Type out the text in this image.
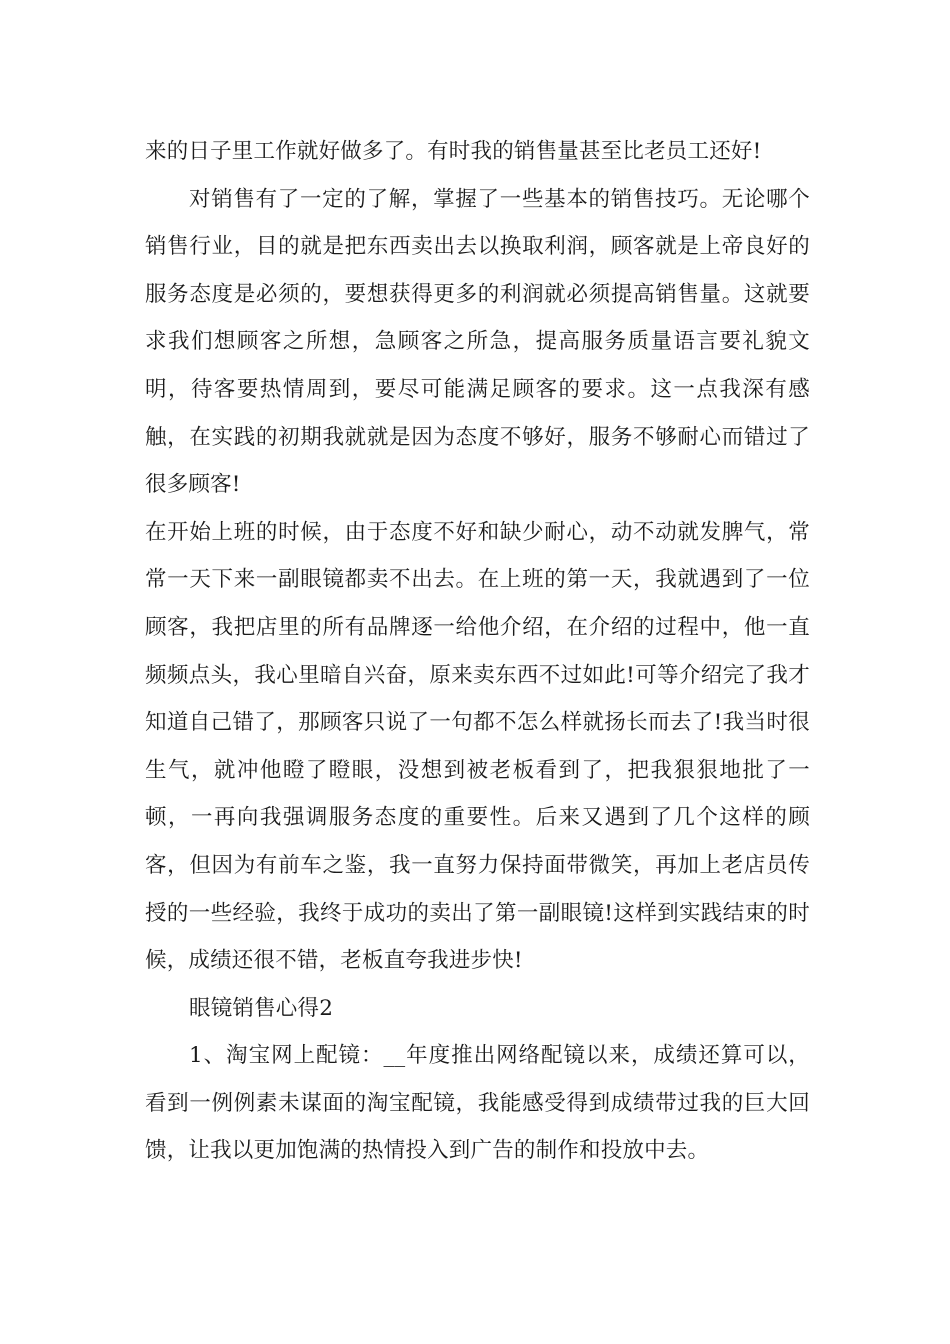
来的日子里工作就好做多了。有时我的销售量甚至比老员工还好!

对销售有了一定的了解，掌握了一些基本的销售技巧。无论哪个销售行业，目的就是把东西卖出去以换取利润，顾客就是上帝良好的服务态度是必须的，要想获得更多的利润就必须提高销售量。这就要求我们想顾客之所想，急顾客之所急，提高服务质量语言要礼貌文明，待客要热情周到，要尽可能满足顾客的要求。这一点我深有感触，在实践的初期我就就是因为态度不够好，服务不够耐心而错过了很多顾客!

在开始上班的时候，由于态度不好和缺少耐心，动不动就发脾气，常常一天下来一副眼镜都卖不出去。在上班的第一天，我就遇到了一位顾客，我把店里的所有品牌逐一给他介绍，在介绍的过程中，他一直频频点头，我心里暗自兴奋，原来卖东西不过如此!可等介绍完了我才知道自己错了，那顾客只说了一句都不怎么样就扬长而去了!我当时很生气，就冲他瞪了瞪眼，没想到被老板看到了，把我狠狠地批了一顿，一再向我强调服务态度的重要性。后来又遇到了几个这样的顾客，但因为有前车之鉴，我一直努力保持面带微笑，再加上老店员传授的一些经验，我终于成功的卖出了第一副眼镜!这样到实践结束的时候，成绩还很不错，老板直夸我进步快!

眼镜销售心得2

1、淘宝网上配镜：__年度推出网络配镜以来，成绩还算可以，看到一例例素未谋面的淘宝配镜，我能感受得到成绩带过我的巨大回馈，让我以更加饱满的热情投入到广告的制作和投放中去。
